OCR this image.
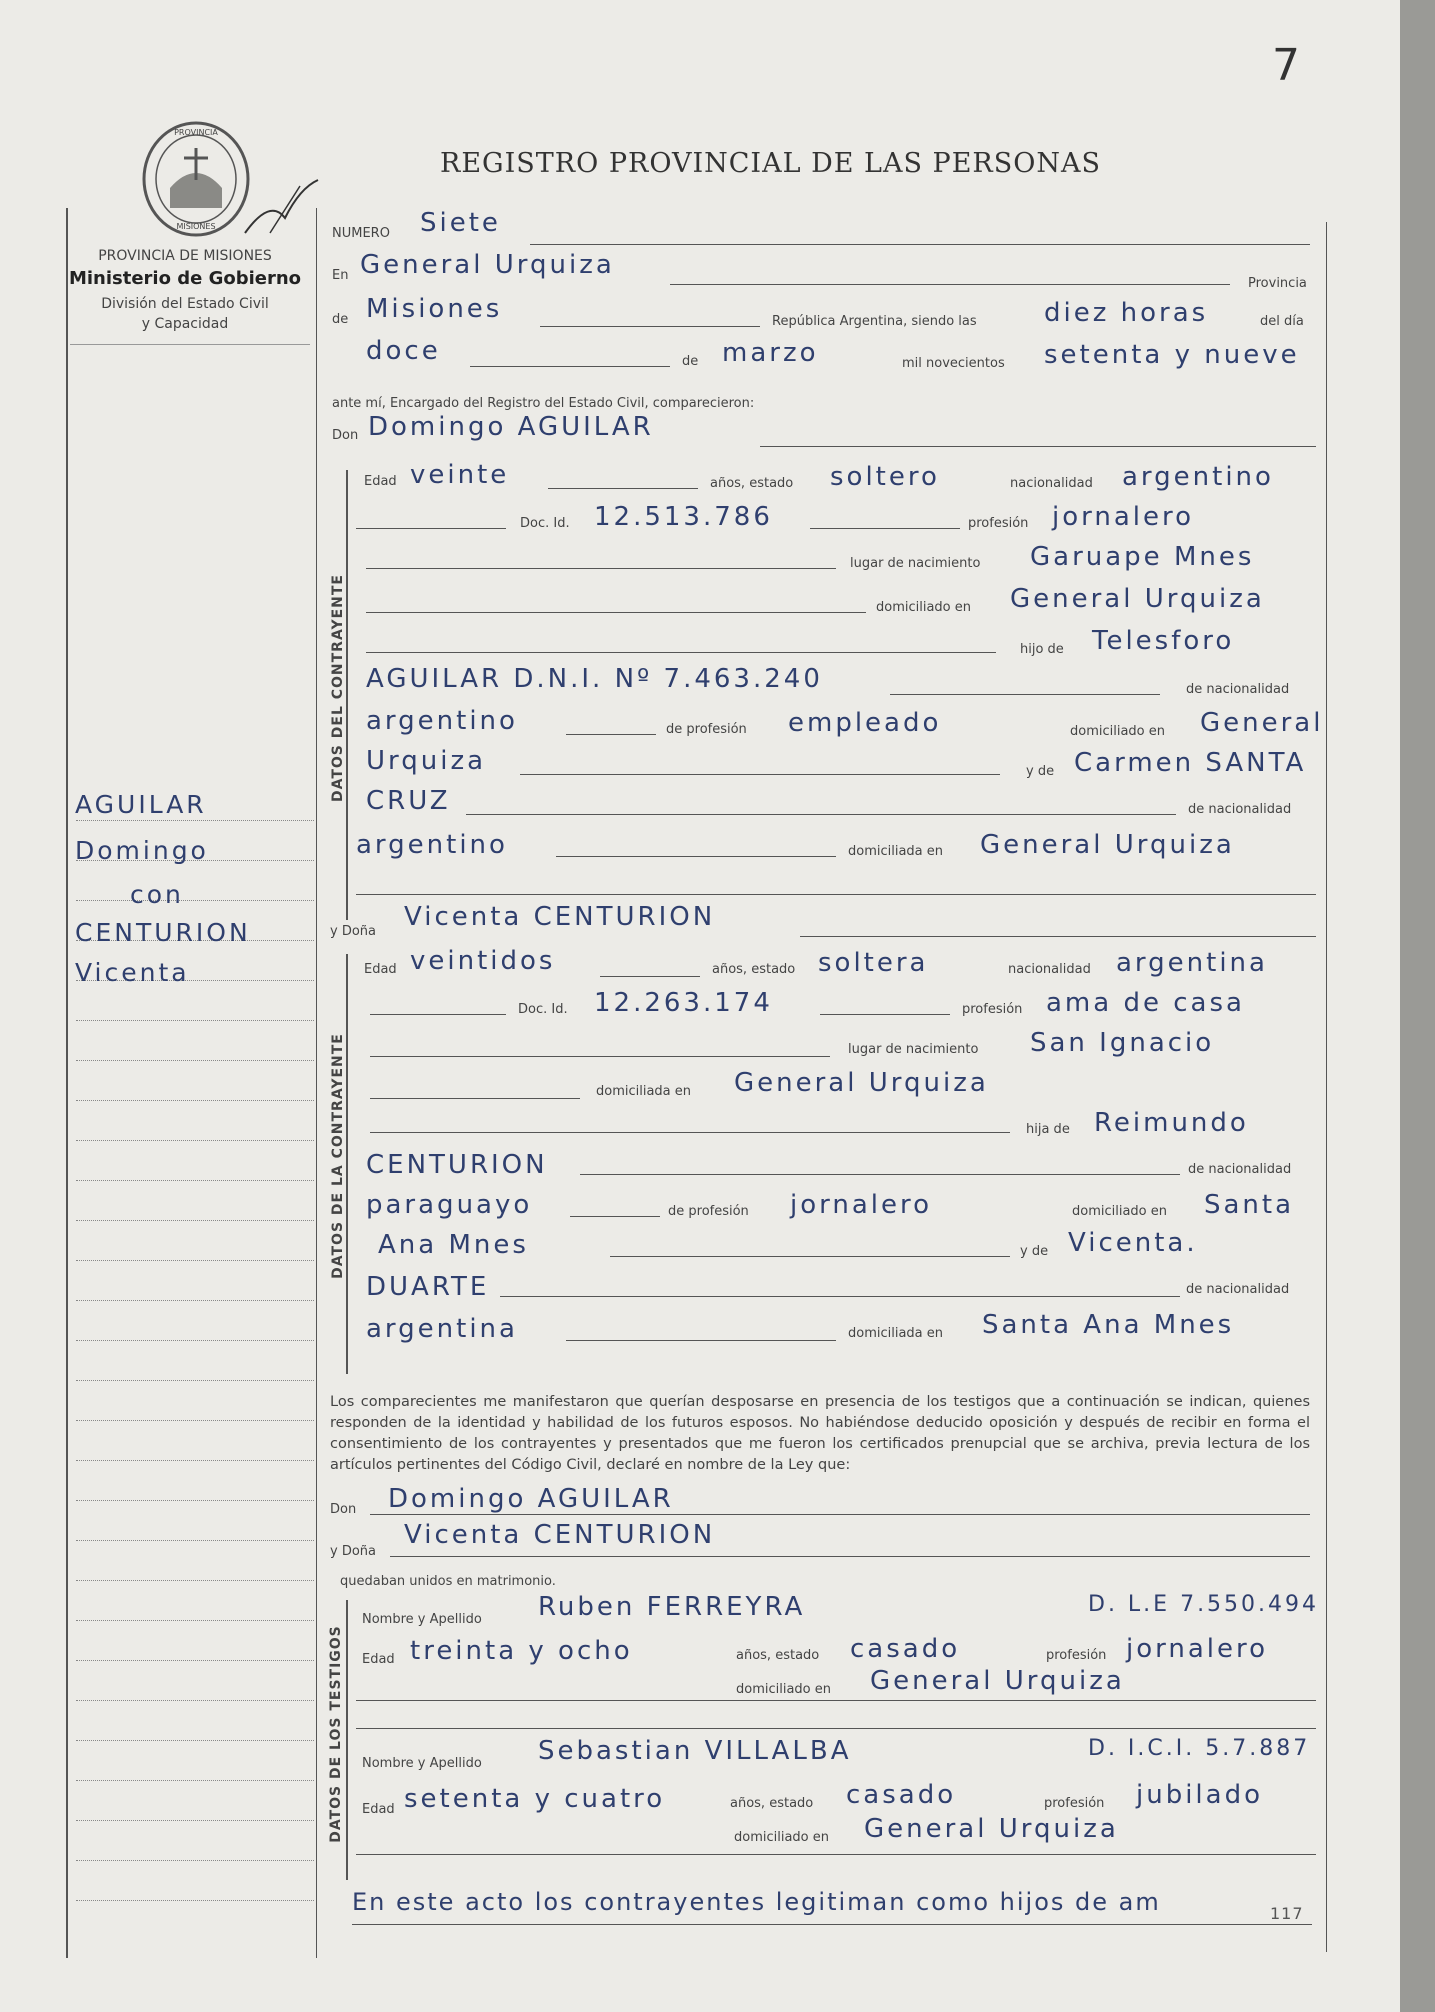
7
PROVINCIA
MISIONES
PROVINCIA DE MISIONES
Ministerio de Gobierno
División del Estado Civil
y Capacidad
REGISTRO PROVINCIAL DE LAS PERSONAS
AGUILAR
Domingo
con
CENTURION
Vicenta
NUMERO Siete
En General Urquiza
Provincia
de Misiones	República Argentina, siendo las	diez horas	del día
doce	de marzo	mil novecientos setenta y nueve
ante mí, Encargado del Registro del Estado Civil, comparecieron:
Don Domingo AGUILAR
DATOS DEL CONTRAYENTE
Edad veinte	años, estado soltero	nacionalidad argentino
Doc. Id. 12.513.786	profesión jornalero
lugar de nacimiento Garuape Mnes
domiciliado en General Urquiza
hijo de Telesforo
AGUILAR D.N.I. Nº 7.463.240	de nacionalidad
argentino	de profesión empleado	domiciliado en General
Urquiza	y de Carmen SANTA
CRUZ	de nacionalidad
argentino	domiciliada en General Urquiza
y Doña Vicenta CENTURION
DATOS DE LA CONTRAYENTE
Edad veintidos	años, estado soltera	nacionalidad argentina
Doc. Id. 12.263.174	profesión ama de casa
lugar de nacimiento San Ignacio
domiciliada en General Urquiza
hija de Reimundo
CENTURION	de nacionalidad
paraguayo	de profesión jornalero	domiciliado en Santa
Ana Mnes	y de Vicenta.
DUARTE	de nacionalidad
argentina	domiciliada en Santa Ana Mnes
Los comparecientes me manifestaron que querían desposarse en presencia de los testigos que a continuación se indican, quienes responden de la identidad y habilidad de los futuros esposos. No habiéndose deducido oposición y después de recibir en forma el consentimiento de los contrayentes y presentados que me fueron los certificados prenupcial que se archiva, previa lectura de los artículos pertinentes del Código Civil, declaré en nombre de la Ley que:
Don Domingo AGUILAR
y Doña
Vicenta CENTURION
quedaban unidos en matrimonio.
DATOS DE LOS TESTIGOS
Nombre y Apellido Ruben FERREYRA	D. L.E 7.550.494
Edad treinta y ocho	años, estado casado	profesión jornalero
domiciliado en General Urquiza
Nombre y Apellido Sebastian VILLALBA	D. I.C.I. 5.7.887
Edad setenta y cuatro	años, estado casado	profesión jubilado
domiciliado en General Urquiza
En este acto los contrayentes legitiman como hijos de am	117
